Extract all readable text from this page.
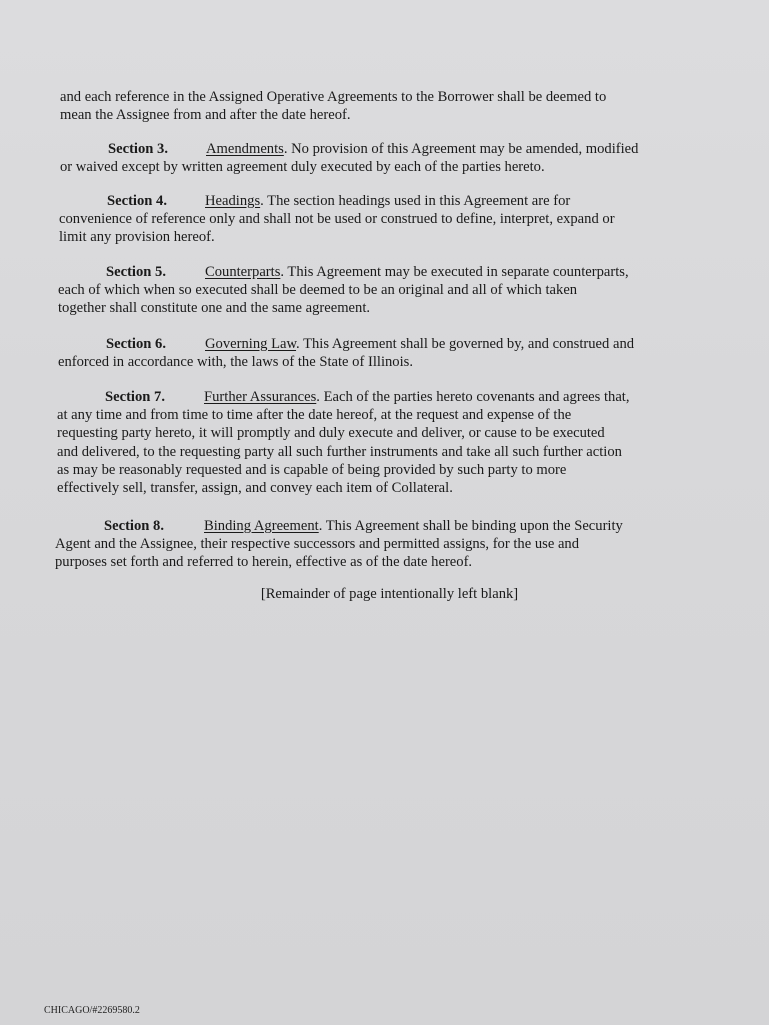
and each reference in the Assigned Operative Agreements to the Borrower shall be deemed to
mean the Assignee from and after the date hereof.
Section 3.	Amendments. No provision of this Agreement may be amended, modified
or waived except by written agreement duly executed by each of the parties hereto.
Section 4.	Headings. The section headings used in this Agreement are for
convenience of reference only and shall not be used or construed to define, interpret, expand or
limit any provision hereof.
Section 5.	Counterparts. This Agreement may be executed in separate counterparts,
each of which when so executed shall be deemed to be an original and all of which taken
together shall constitute one and the same agreement.
Section 6.	Governing Law. This Agreement shall be governed by, and construed and
enforced in accordance with, the laws of the State of Illinois.
Section 7.	Further Assurances. Each of the parties hereto covenants and agrees that,
at any time and from time to time after the date hereof, at the request and expense of the
requesting party hereto, it will promptly and duly execute and deliver, or cause to be executed
and delivered, to the requesting party all such further instruments and take all such further action
as may be reasonably requested and is capable of being provided by such party to more
effectively sell, transfer, assign, and convey each item of Collateral.
Section 8.	Binding Agreement. This Agreement shall be binding upon the Security
Agent and the Assignee, their respective successors and permitted assigns, for the use and
purposes set forth and referred to herein, effective as of the date hereof.
[Remainder of page intentionally left blank]
CHICAGO/#2269580.2
